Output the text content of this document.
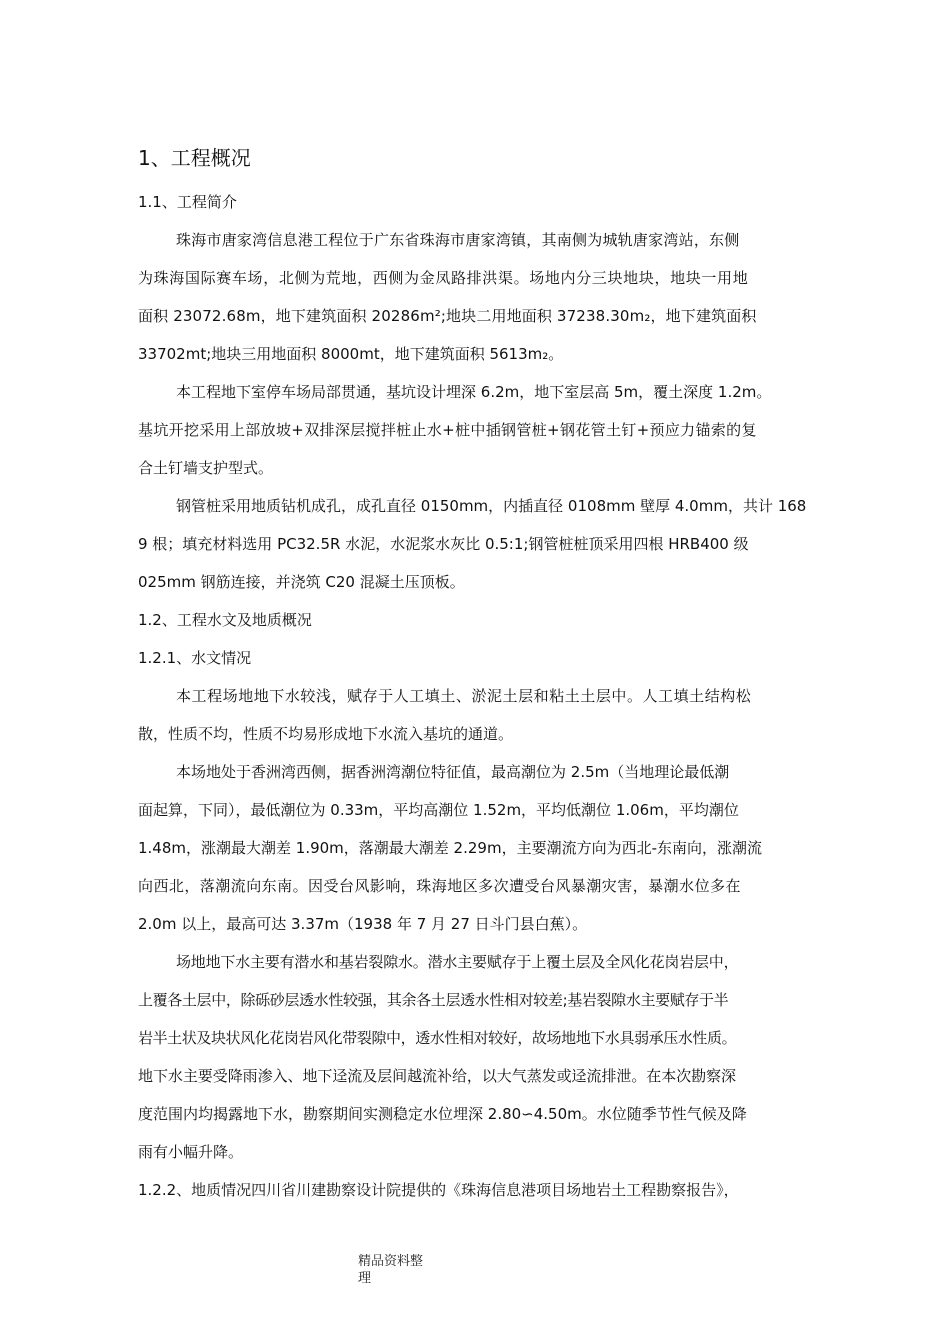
1、工程概况
1.1、工程简介
珠海市唐家湾信息港工程位于广东省珠海市唐家湾镇，其南侧为城轨唐家湾站，东侧
为珠海国际赛车场，北侧为荒地，西侧为金凤路排洪渠。场地内分三块地块，地块一用地
面积 23072.68m，地下建筑面积 20286m²;地块二用地面积 37238.30m₂，地下建筑面积
33702mt;地块三用地面积 8000mt，地下建筑面积 5613m₂。
本工程地下室停车场局部贯通，基坑设计埋深 6.2m，地下室层高 5m，覆土深度 1.2m。
基坑开挖采用上部放坡+双排深层搅拌桩止水+桩中插钢管桩+钢花管土钉+预应力锚索的复
合土钉墙支护型式。
钢管桩采用地质钻机成孔，成孔直径 0150mm，内插直径 0108mm 壁厚 4.0mm，共计 168
9 根；填充材料选用 PC32.5R 水泥，水泥浆水灰比 0.5:1;钢管桩桩顶采用四根 HRB400 级
025mm 钢筋连接，并浇筑 C20 混凝土压顶板。
1.2、工程水文及地质概况
1.2.1、水文情况
本工程场地地下水较浅，赋存于人工填土、淤泥土层和粘土土层中。人工填土结构松
散，性质不均，性质不均易形成地下水流入基坑的通道。
本场地处于香洲湾西侧，据香洲湾潮位特征值，最高潮位为 2.5m（当地理论最低潮
面起算，下同），最低潮位为 0.33m，平均高潮位 1.52m，平均低潮位 1.06m，平均潮位
1.48m，涨潮最大潮差 1.90m，落潮最大潮差 2.29m，主要潮流方向为西北-东南向，涨潮流
向西北，落潮流向东南。因受台风影响，珠海地区多次遭受台风暴潮灾害，暴潮水位多在
2.0m 以上，最高可达 3.37m（1938 年 7 月 27 日斗门县白蕉）。
场地地下水主要有潜水和基岩裂隙水。潜水主要赋存于上覆土层及全风化花岗岩层中，
上覆各土层中，除砾砂层透水性较强，其余各土层透水性相对较差;基岩裂隙水主要赋存于半
岩半土状及块状风化花岗岩风化带裂隙中，透水性相对较好，故场地地下水具弱承压水性质。
地下水主要受降雨渗入、地下迳流及层间越流补给，以大气蒸发或迳流排泄。在本次勘察深
度范围内均揭露地下水，勘察期间实测稳定水位埋深 2.80∽4.50m。水位随季节性气候及降
雨有小幅升降。
1.2.2、地质情况四川省川建勘察设计院提供的《珠海信息港项目场地岩土工程勘察报告》，
精品资料整
理
